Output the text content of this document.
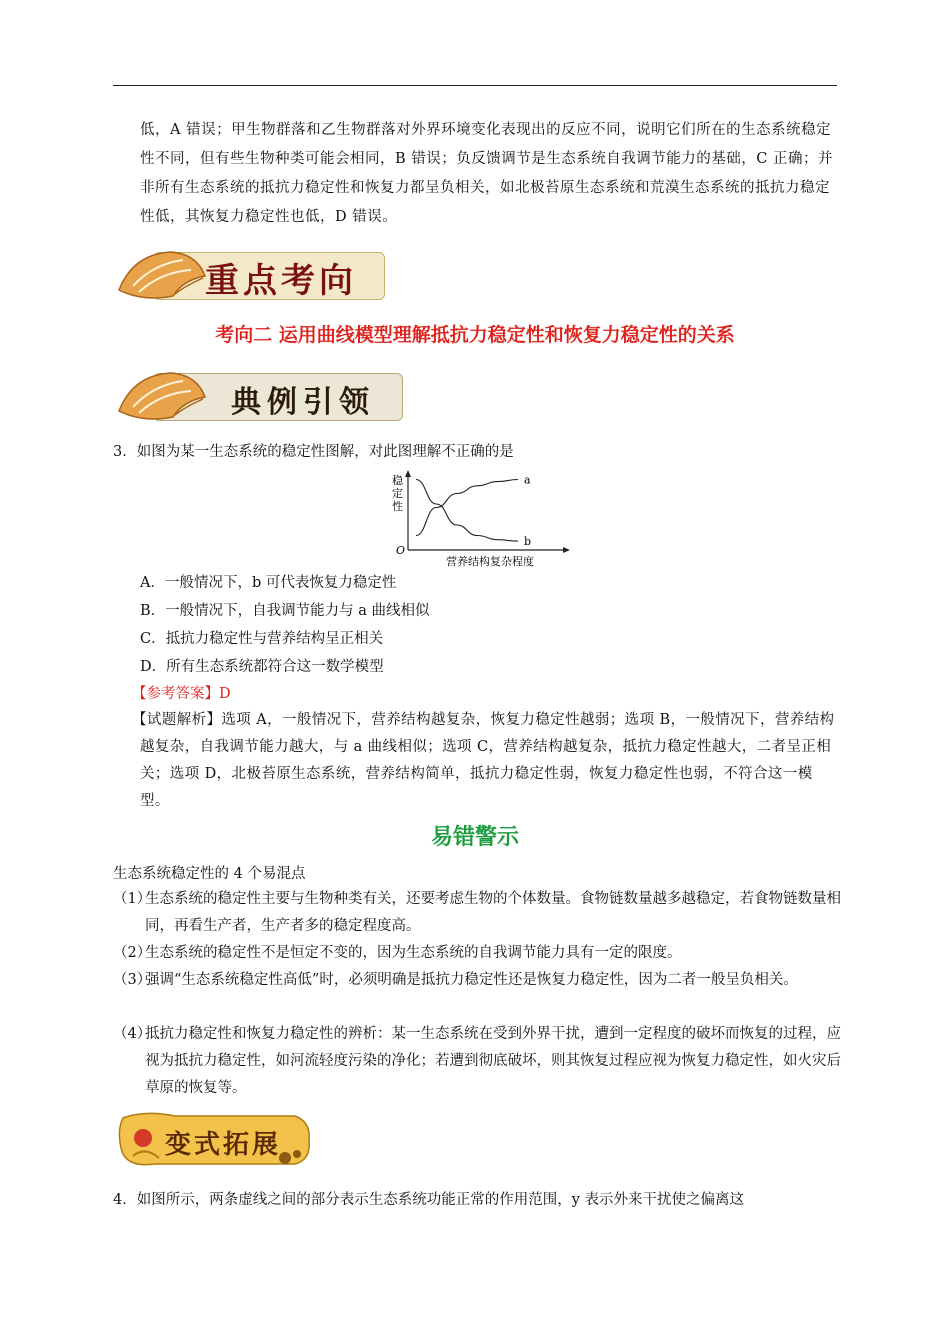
低，A 错误；甲生物群落和乙生物群落对外界环境变化表现出的反应不同，说明它们所在的生态系统稳定性不同，但有些生物种类可能会相同，B 错误；负反馈调节是生态系统自我调节能力的基础，C 正确；并非所有生态系统的抵抗力稳定性和恢复力都呈负相关，如北极苔原生态系统和荒漠生态系统的抵抗力稳定性低，其恢复力稳定性也低，D 错误。

重点考向
考向二 运用曲线模型理解抵抗力稳定性和恢复力稳定性的关系
典例引领
3．如图为某一生态系统的稳定性图解，对此图理解不正确的是
O
营养结构复杂程度
稳定性
a
b
A．一般情况下，b 可代表恢复力稳定性
B．一般情况下，自我调节能力与 a 曲线相似
C．抵抗力稳定性与营养结构呈正相关
D．所有生态系统都符合这一数学模型
【参考答案】D
【试题解析】选项 A，一般情况下，营养结构越复杂，恢复力稳定性越弱；选项 B，一般情况下，营养结构越复杂，自我调节能力越大，与 a 曲线相似；选项 C，营养结构越复杂，抵抗力稳定性越大，二者呈正相关；选项 D，北极苔原生态系统，营养结构简单，抵抗力稳定性弱，恢复力稳定性也弱，不符合这一模型。
易错警示
生态系统稳定性的 4 个易混点
（1）
生态系统的稳定性主要与生物种类有关，还要考虑生物的个体数量。食物链数量越多越稳定，若食物链数量相同，再看生产者，生产者多的稳定程度高。
（2）
生态系统的稳定性不是恒定不变的，因为生态系统的自我调节能力具有一定的限度。
（3）
强调“生态系统稳定性高低”时，必须明确是抵抗力稳定性还是恢复力稳定性，因为二者一般呈负相关。
（4）
抵抗力稳定性和恢复力稳定性的辨析：某一生态系统在受到外界干扰，遭到一定程度的破坏而恢复的过程，应视为抵抗力稳定性，如河流轻度污染的净化；若遭到彻底破坏，则其恢复过程应视为恢复力稳定性，如火灾后草原的恢复等。
变式拓展
4．如图所示，两条虚线之间的部分表示生态系统功能正常的作用范围，y 表示外来干扰使之偏离这
